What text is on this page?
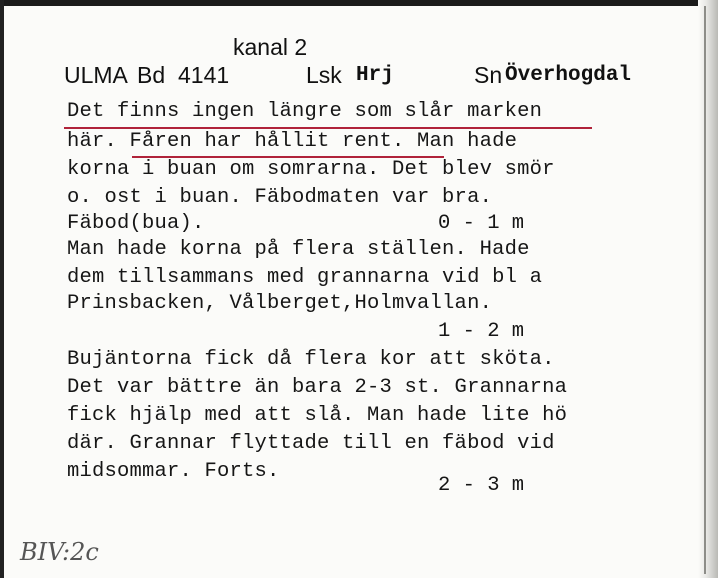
kanal 2
ULMA Bd 4141	Lsk Hrj	Sn Överhogdal
Det finns ingen längre som slår marken
här. Fåren har hållit rent. Man hade
korna i buan om somrarna. Det blev smör
o. ost i buan. Fäbodmaten var bra.
Fäbod(bua).	0 - 1 m
Man hade korna på flera ställen. Hade
dem tillsammans med grannarna vid bl a
Prinsbacken, Vålberget,Holmvallan.
1 - 2 m
Bujäntorna fick då flera kor att sköta.
Det var bättre än bara 2-3 st. Grannarna
fick hjälp med att slå. Man hade lite hö
där. Grannar flyttade till en fäbod vid
midsommar. Forts.
2 - 3 m
BIV:2c
